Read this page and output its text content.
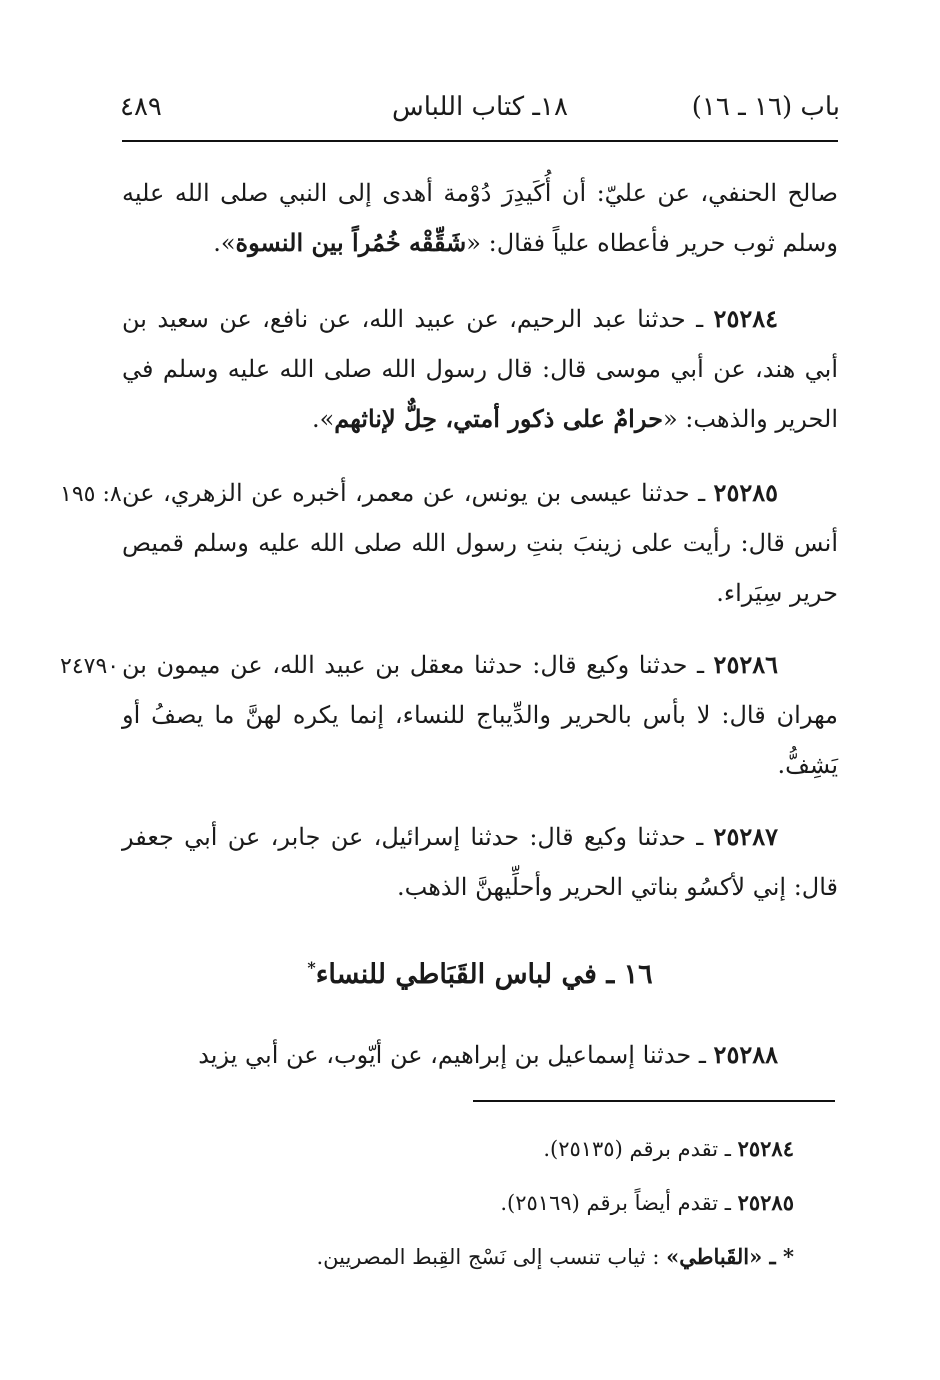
باب (١٦ ـ ١٦)
١٨ـ كتاب اللباس
٤٨٩
صالح الحنفي، عن عليّ: أن أُكَيدِرَ دُوْمة أهدى إلى النبي صلى الله عليه وسلم ثوب حرير فأعطاه علياً فقال: «شَقِّقْه خُمُراً بين النسوة».
٢٥٢٨٤ ـ حدثنا عبد الرحيم، عن عبيد الله، عن نافع، عن سعيد بن أبي هند، عن أبي موسى قال: قال رسول الله صلى الله عليه وسلم في الحرير والذهب: «حرامٌ على ذكور أمتي، حِلٌّ لإناثهم».
٨: ١٩٥	٢٥٢٨٥ ـ حدثنا عيسى بن يونس، عن معمر، أخبره عن الزهري، عن أنس قال: رأيت على زينبَ بنتِ رسول الله صلى الله عليه وسلم قميص حرير سِيَراء.
٢٤٧٩٠	٢٥٢٨٦ ـ حدثنا وكيع قال: حدثنا معقل بن عبيد الله، عن ميمون بن مهران قال: لا بأس بالحرير والدِّيباج للنساء، إنما يكره لهنَّ ما يصفُ أو يَشِفُّ.
٢٥٢٨٧ ـ حدثنا وكيع قال: حدثنا إسرائيل، عن جابر، عن أبي جعفر قال: إني لأكسُو بناتي الحرير وأحلِّيهنَّ الذهب.
١٦ ـ في لباس القَبَاطي للنساء*
٢٥٢٨٨ ـ حدثنا إسماعيل بن إبراهيم، عن أيّوب، عن أبي يزيد
٢٥٢٨٤ ـ تقدم برقم (٢٥١٣٥).
٢٥٢٨٥ ـ تقدم أيضاً برقم (٢٥١٦٩).
* ـ «القَباطي» : ثياب تنسب إلى نَسْج القِبط المصريين.
